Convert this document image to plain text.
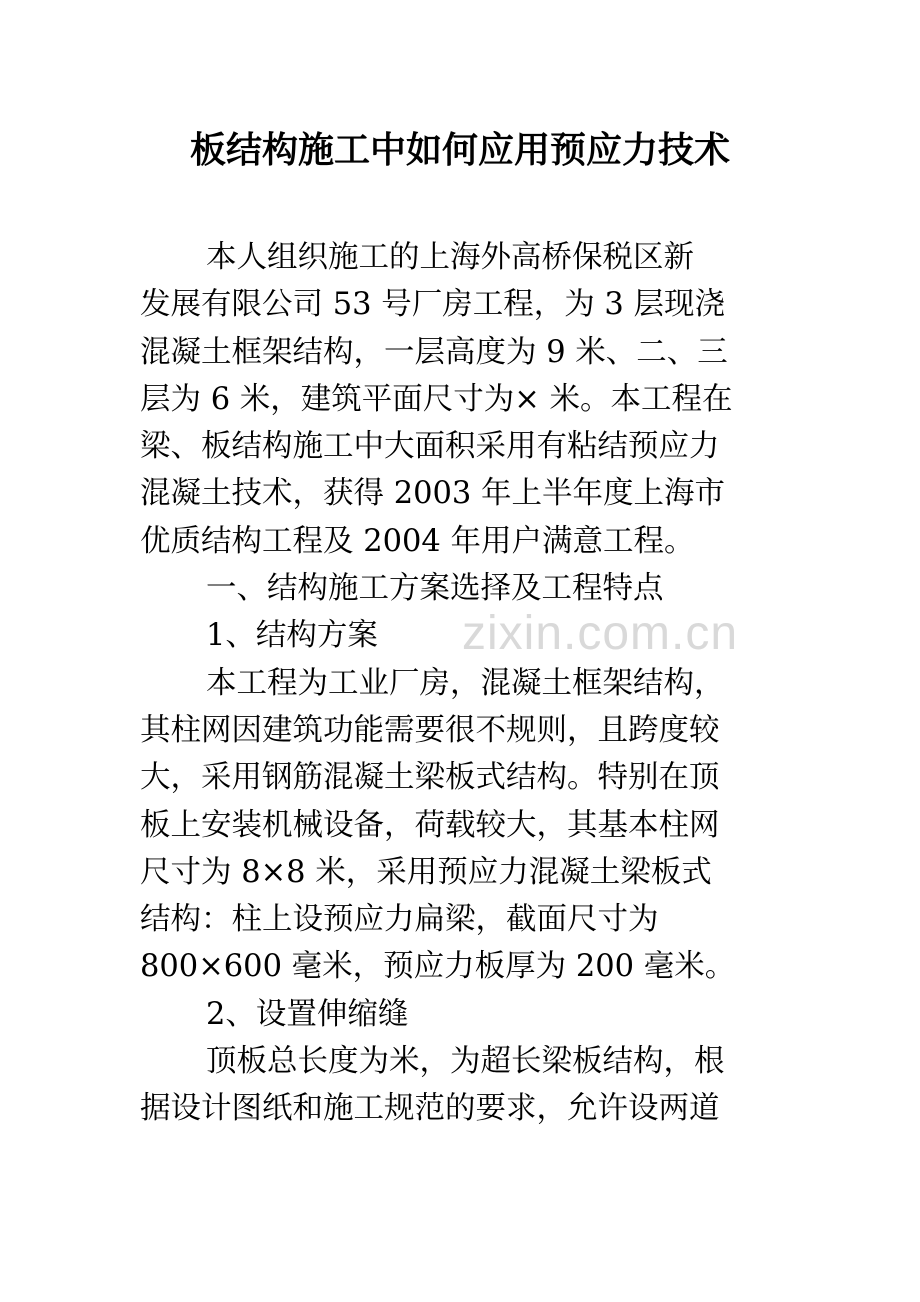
板结构施工中如何应用预应力技术
本人组织施工的上海外高桥保税区新
发展有限公司 53 号厂房工程，为 3 层现浇
混凝土框架结构，一层高度为 9 米、二、三
层为 6 米，建筑平面尺寸为× 米。本工程在
梁、板结构施工中大面积采用有粘结预应力
混凝土技术，获得 2003 年上半年度上海市
优质结构工程及 2004 年用户满意工程。
一、结构施工方案选择及工程特点
1、结构方案
本工程为工业厂房，混凝土框架结构，
其柱网因建筑功能需要很不规则，且跨度较
大，采用钢筋混凝土梁板式结构。特别在顶
板上安装机械设备，荷载较大，其基本柱网
尺寸为 8×8 米，采用预应力混凝土梁板式
结构：柱上设预应力扁梁，截面尺寸为
800×600 毫米，预应力板厚为 200 毫米。
2、设置伸缩缝
顶板总长度为米，为超长梁板结构，根
据设计图纸和施工规范的要求，允许设两道
zixin.com.cn
